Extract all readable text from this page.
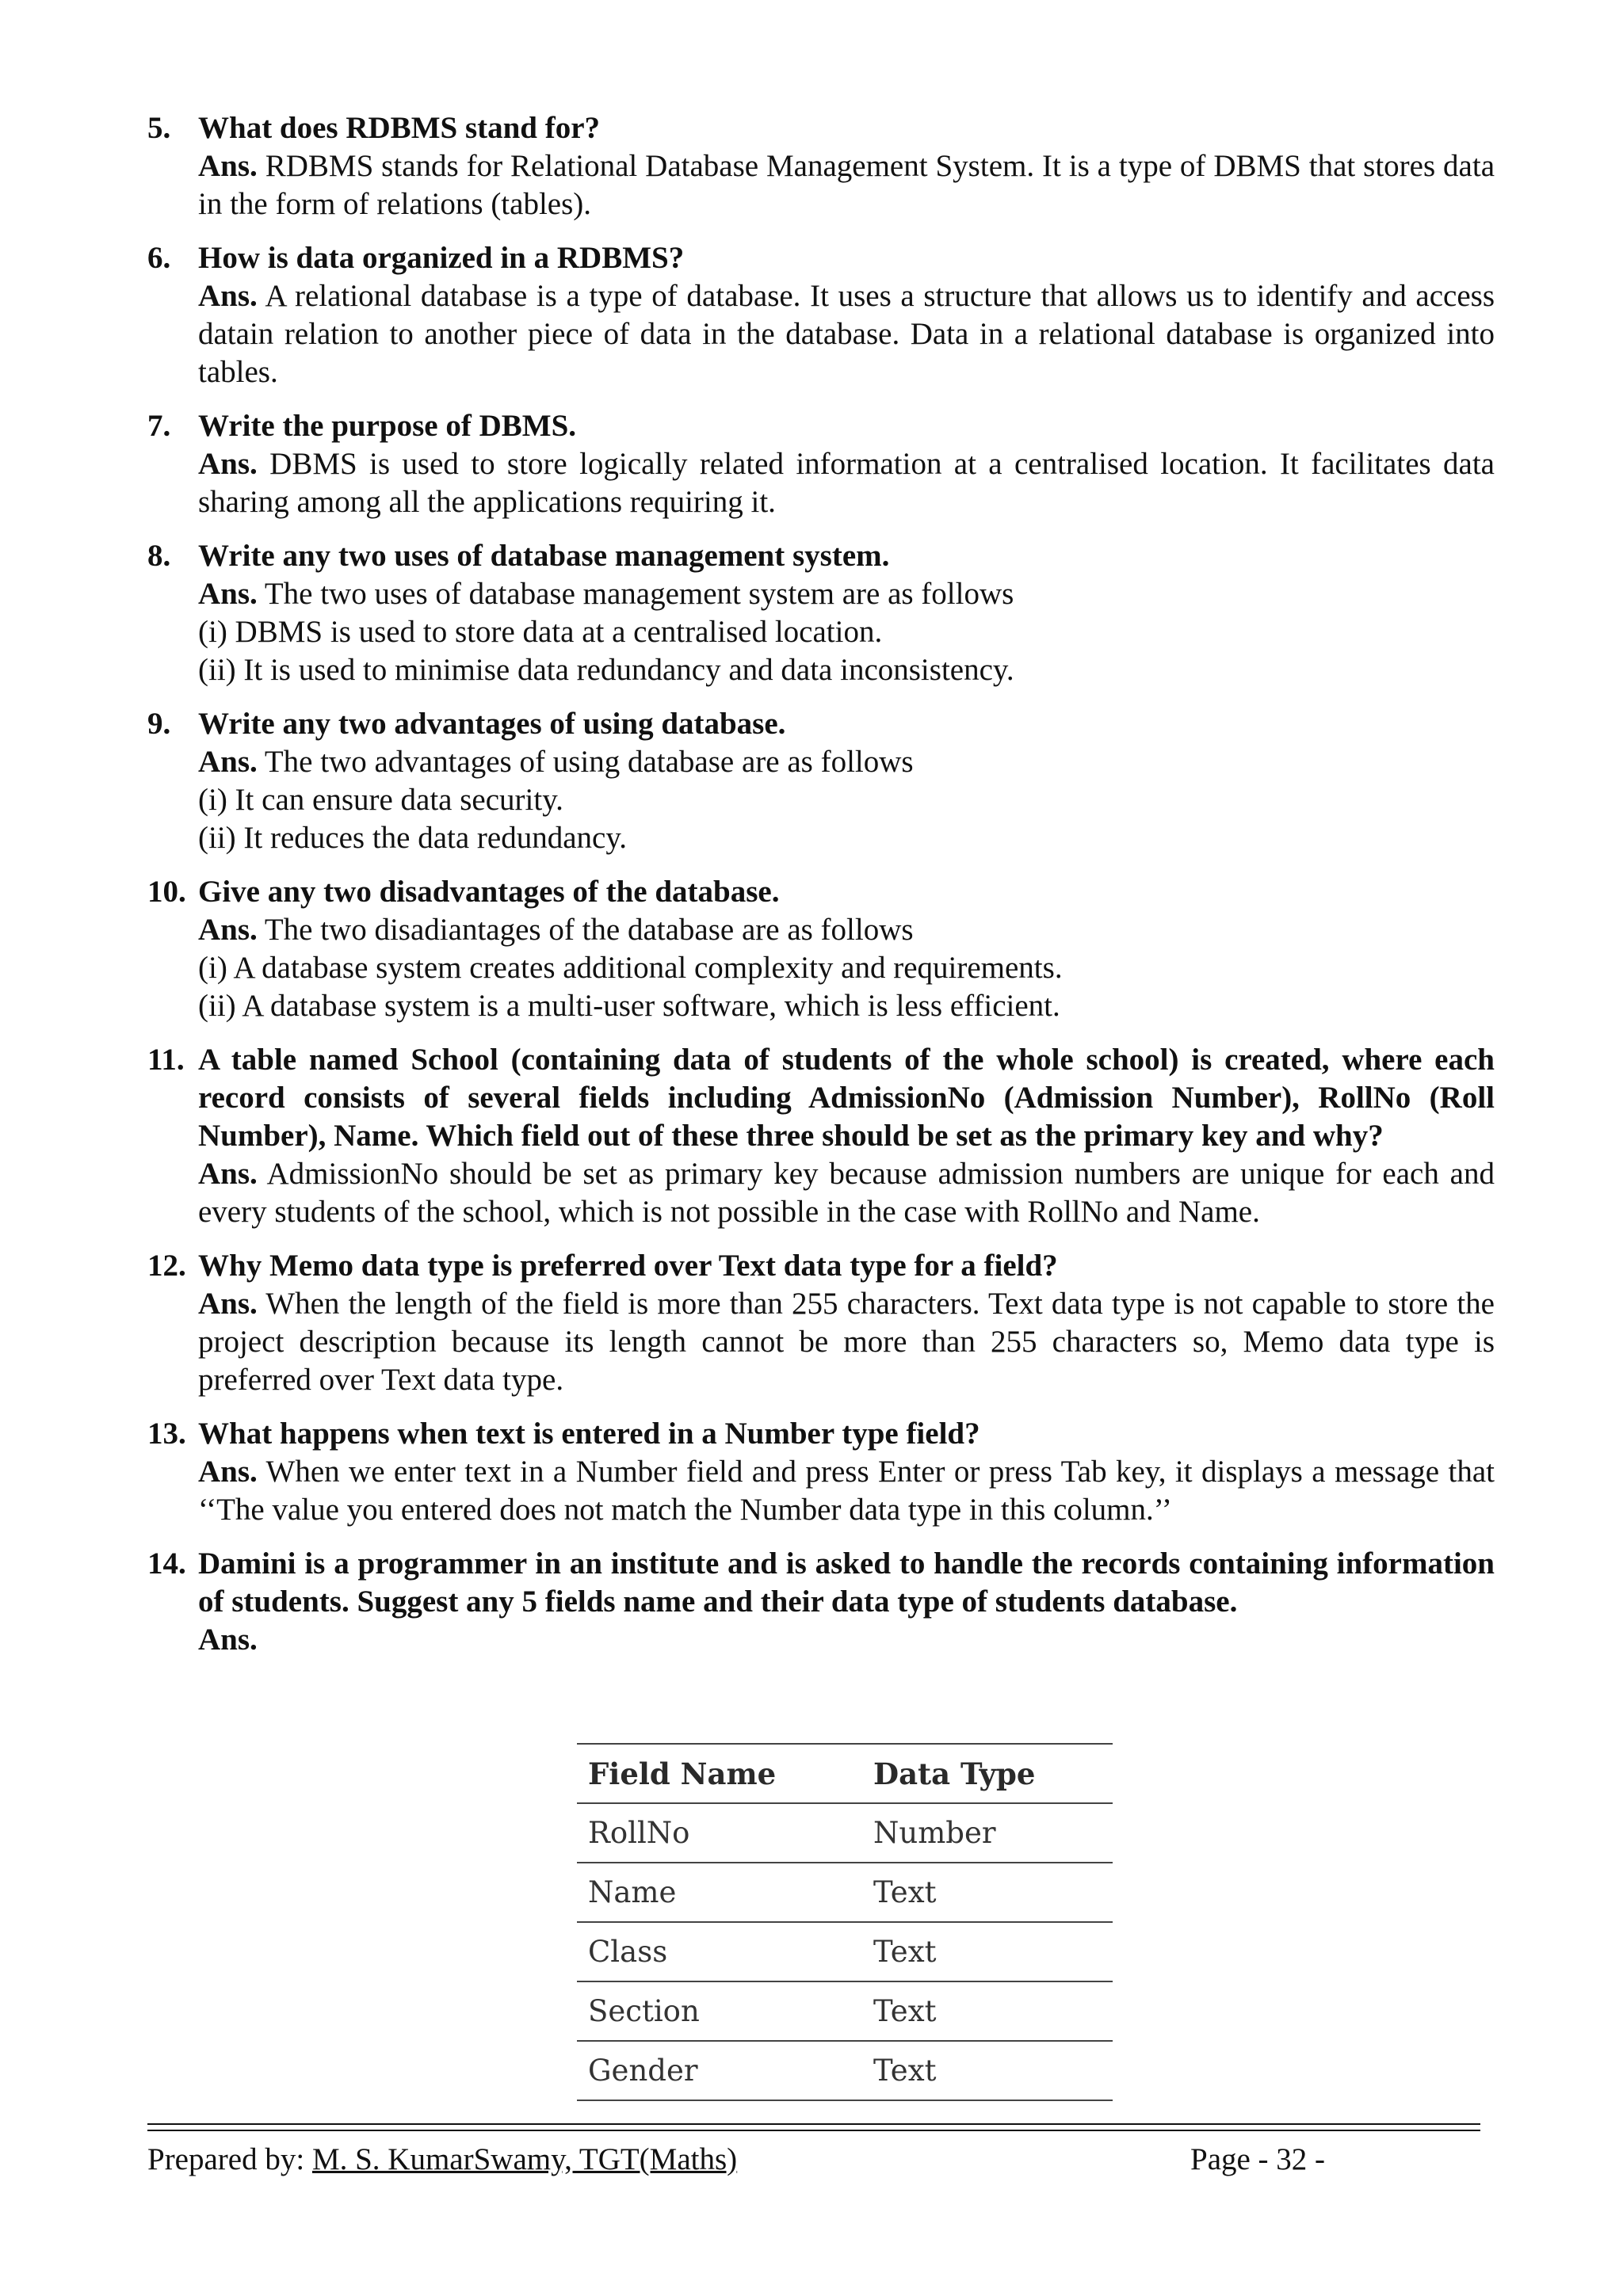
5. What does RDBMS stand for?
Ans. RDBMS stands for Relational Database Management System. It is a type of DBMS that stores data in the form of relations (tables).
6. How is data organized in a RDBMS?
Ans. A relational database is a type of database. It uses a structure that allows us to identify and access datain relation to another piece of data in the database. Data in a relational database is organized into tables.
7. Write the purpose of DBMS.
Ans. DBMS is used to store logically related information at a centralised location. It facilitates data sharing among all the applications requiring it.
8. Write any two uses of database management system.
Ans. The two uses of database management system are as follows
(i) DBMS is used to store data at a centralised location.
(ii) It is used to minimise data redundancy and data inconsistency.
9. Write any two advantages of using database.
Ans. The two advantages of using database are as follows
(i) It can ensure data security.
(ii) It reduces the data redundancy.
10. Give any two disadvantages of the database.
Ans. The two disadiantages of the database are as follows
(i) A database system creates additional complexity and requirements.
(ii) A database system is a multi-user software, which is less efficient.
11. A table named School (containing data of students of the whole school) is created, where each record consists of several fields including AdmissionNo (Admission Number), RollNo (Roll Number), Name. Which field out of these three should be set as the primary key and why?
Ans. AdmissionNo should be set as primary key because admission numbers are unique for each and every students of the school, which is not possible in the case with RollNo and Name.
12. Why Memo data type is preferred over Text data type for a field?
Ans. When the length of the field is more than 255 characters. Text data type is not capable to store the project description because its length cannot be more than 255 characters so, Memo data type is preferred over Text data type.
13. What happens when text is entered in a Number type field?
Ans. When we enter text in a Number field and press Enter or press Tab key, it displays a message that ‘‘The value you entered does not match the Number data type in this column.’’
14. Damini is a programmer in an institute and is asked to handle the records containing information of students. Suggest any 5 fields name and their data type of students database.
Ans.
Field Name	Data Type
RollNo	Number
Name	Text
Class	Text
Section	Text
Gender	Text
Prepared by: M. S. KumarSwamy, TGT(Maths)	Page - 32 -
